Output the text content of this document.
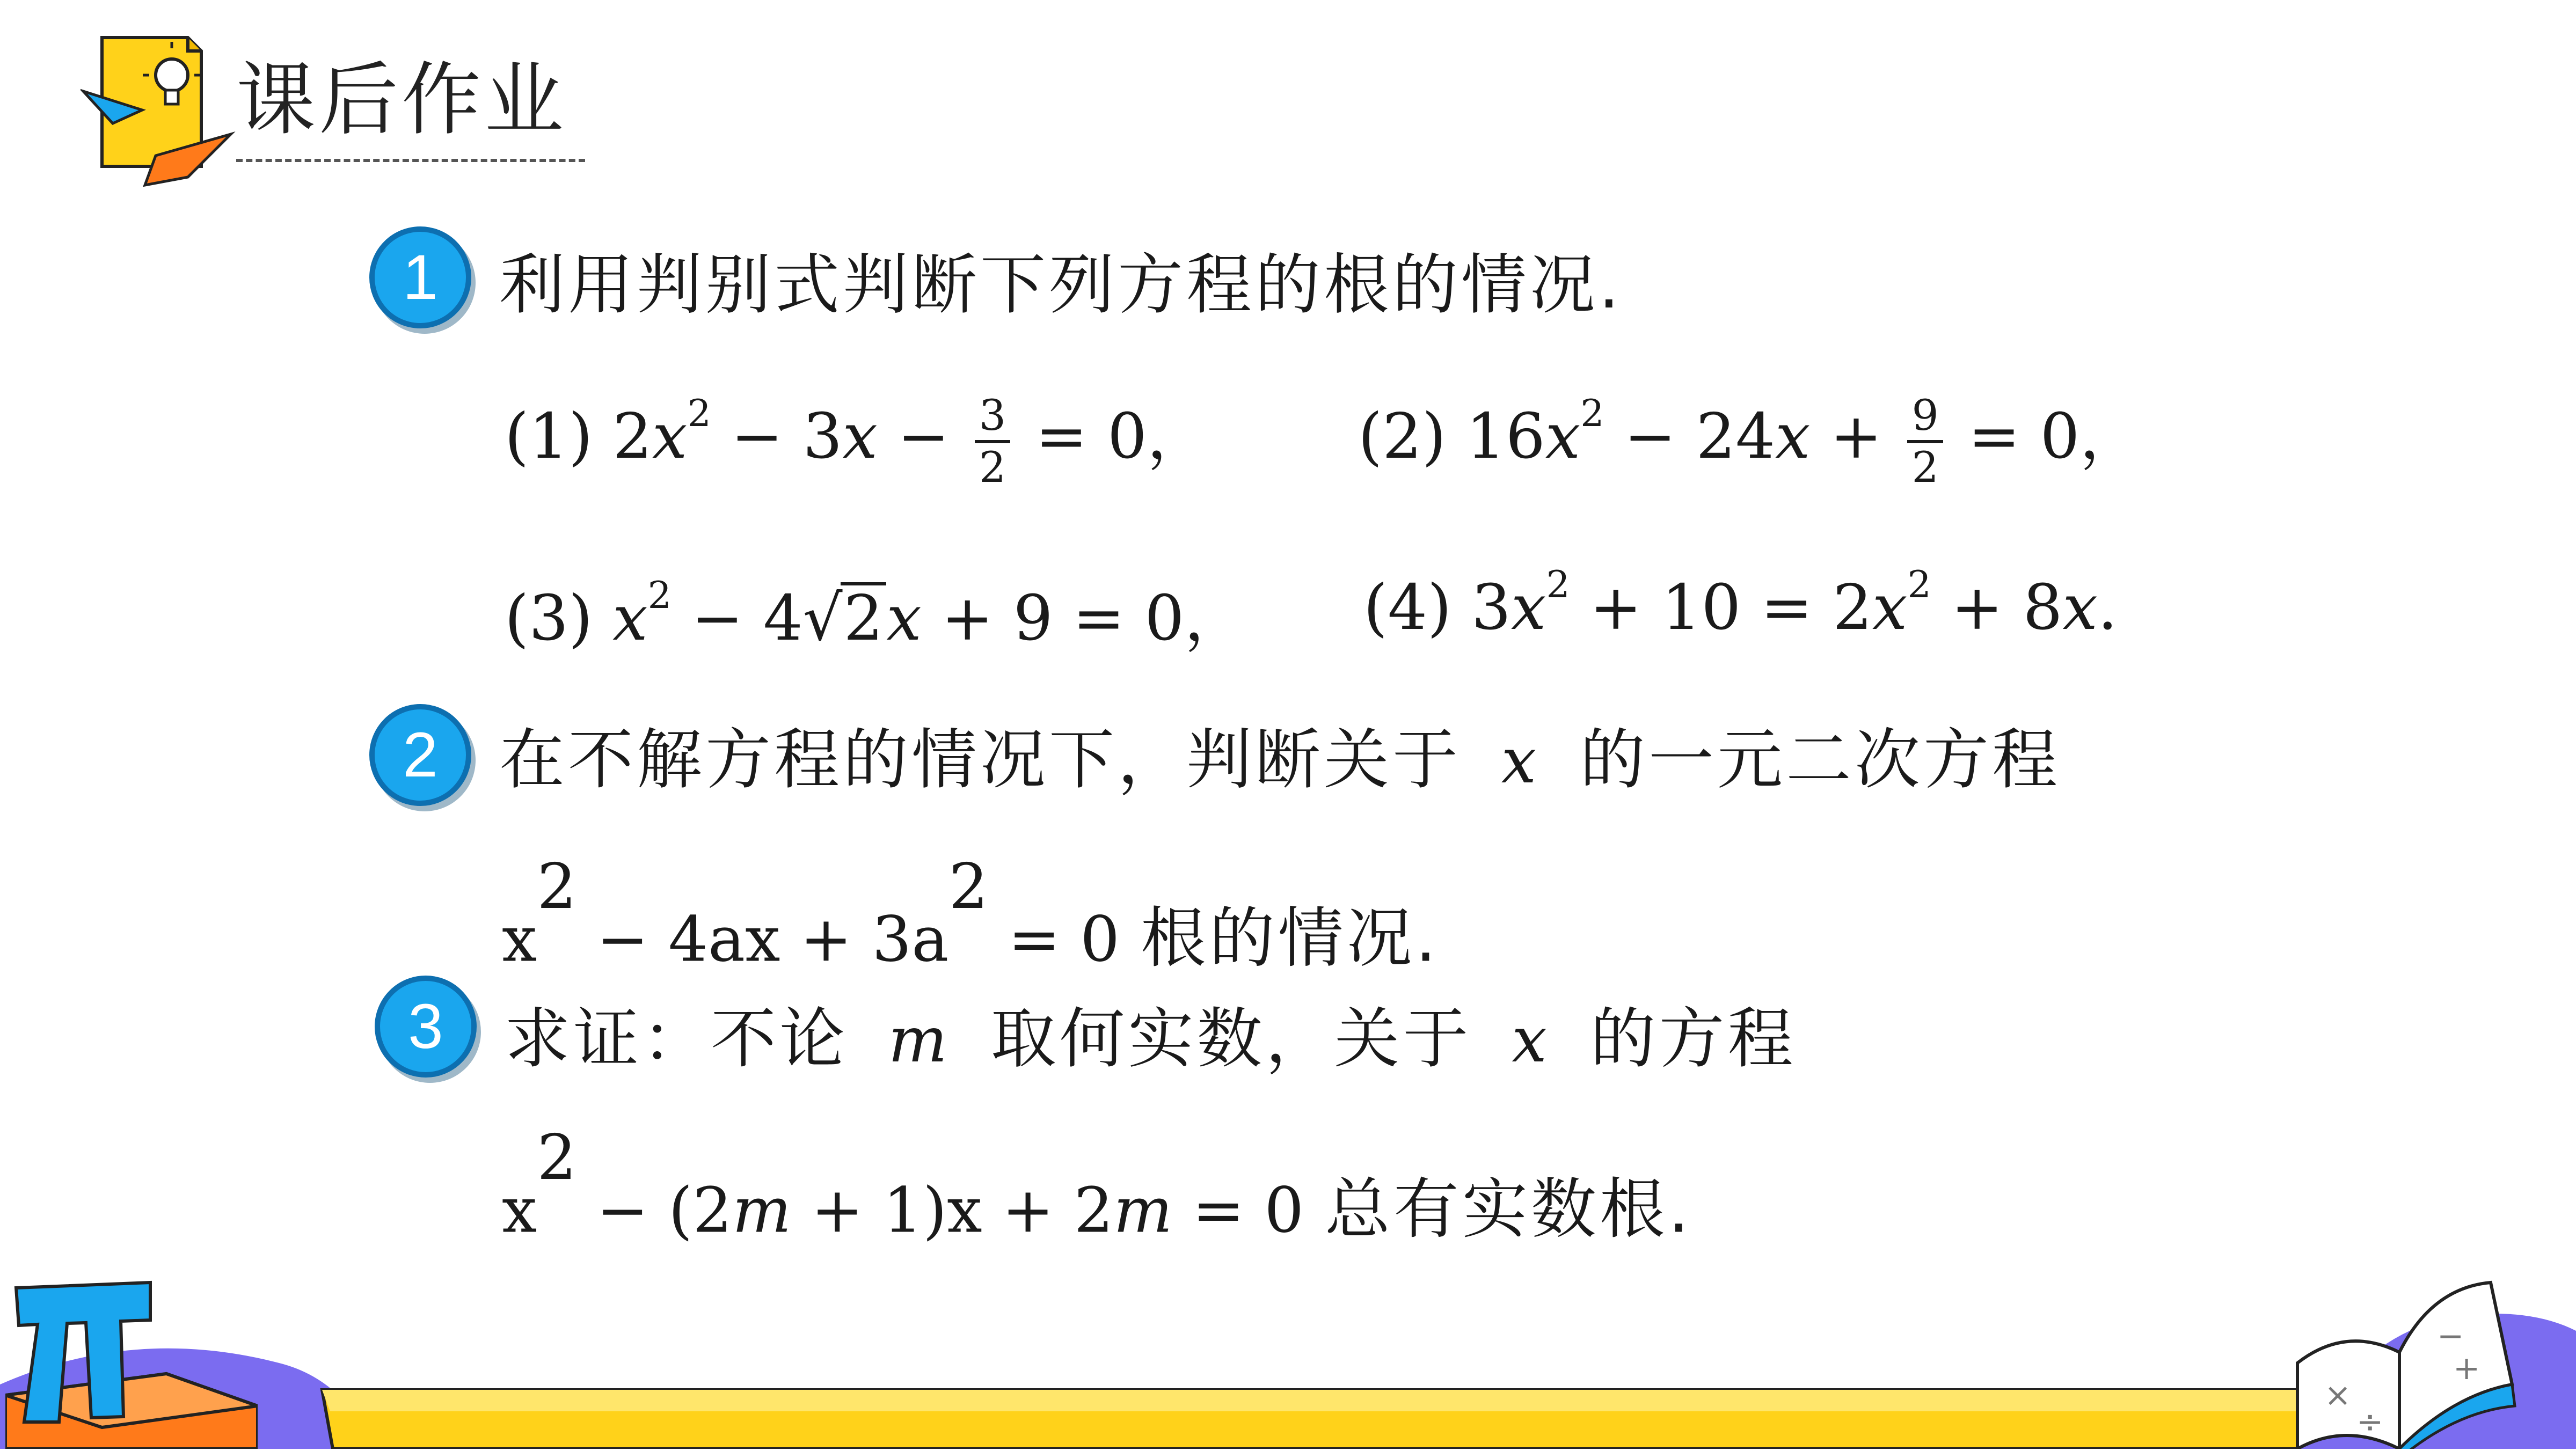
课后作业
1 利用判别式判断下列方程的根的情况.
(1) $2x^2 - 3x - \frac{3}{2} = 0$， (2) $16x^2 - 24x + \frac{9}{2} = 0$，
(3) $x^2 - 4√2x + 9 = 0$， (4) $3x^2 + 10 = 2x^2 + 8x$.
2 在不解方程的情况下，判断关于 x 的一元二次方程
$x^2 - 4ax + 3a^2 = 0$ 根的情况.
3 求证：不论 m 取何实数，关于 x 的方程
$x^2 - (2m + 1)x + 2m = 0$ 总有实数根.
×
÷
−
+
